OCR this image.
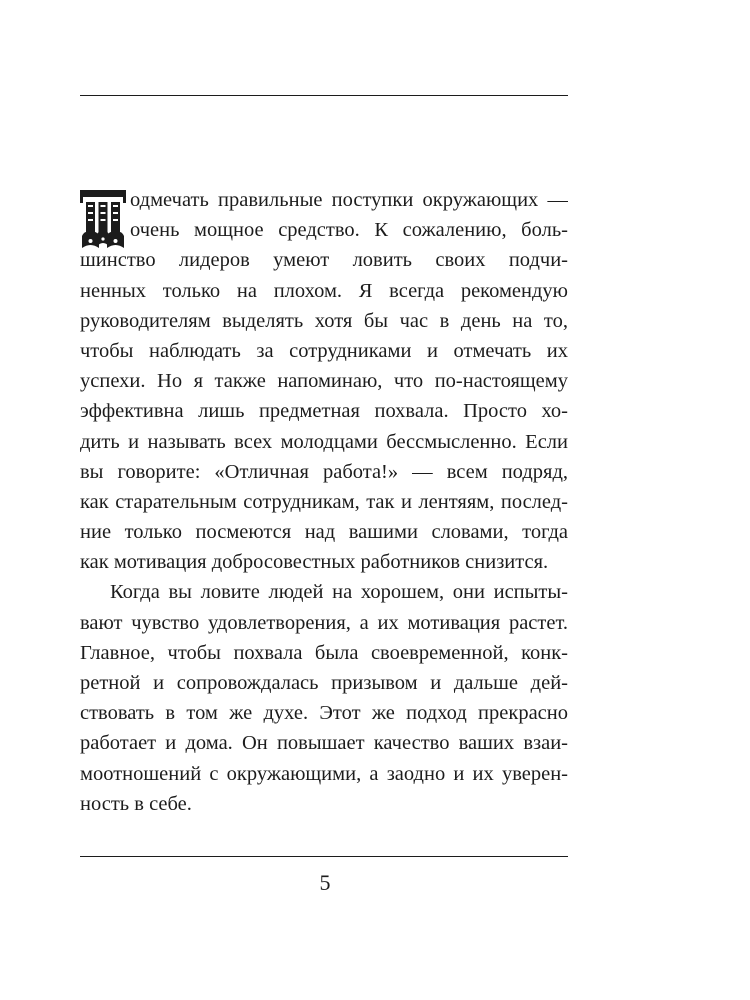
одмечать правильные поступки окружающих —
очень мощное средство. К сожалению, боль-
шинство лидеров умеют ловить своих подчи-
ненных только на плохом. Я всегда рекомендую
руководителям выделять хотя бы час в день на то,
чтобы наблюдать за сотрудниками и отмечать их
успехи. Но я также напоминаю, что по-настоящему
эффективна лишь предметная похвала. Просто хо-
дить и называть всех молодцами бессмысленно. Если
вы говорите: «Отличная работа!» — всем подряд,
как старательным сотрудникам, так и лентяям, послед-
ние только посмеются над вашими словами, тогда
как мотивация добросовестных работников снизится.
Когда вы ловите людей на хорошем, они испыты-
вают чувство удовлетворения, а их мотивация растет.
Главное, чтобы похвала была своевременной, конк-
ретной и сопровождалась призывом и дальше дей-
ствовать в том же духе. Этот же подход прекрасно
работает и дома. Он повышает качество ваших взаи-
моотношений с окружающими, а заодно и их уверен-
ность в себе.
5
